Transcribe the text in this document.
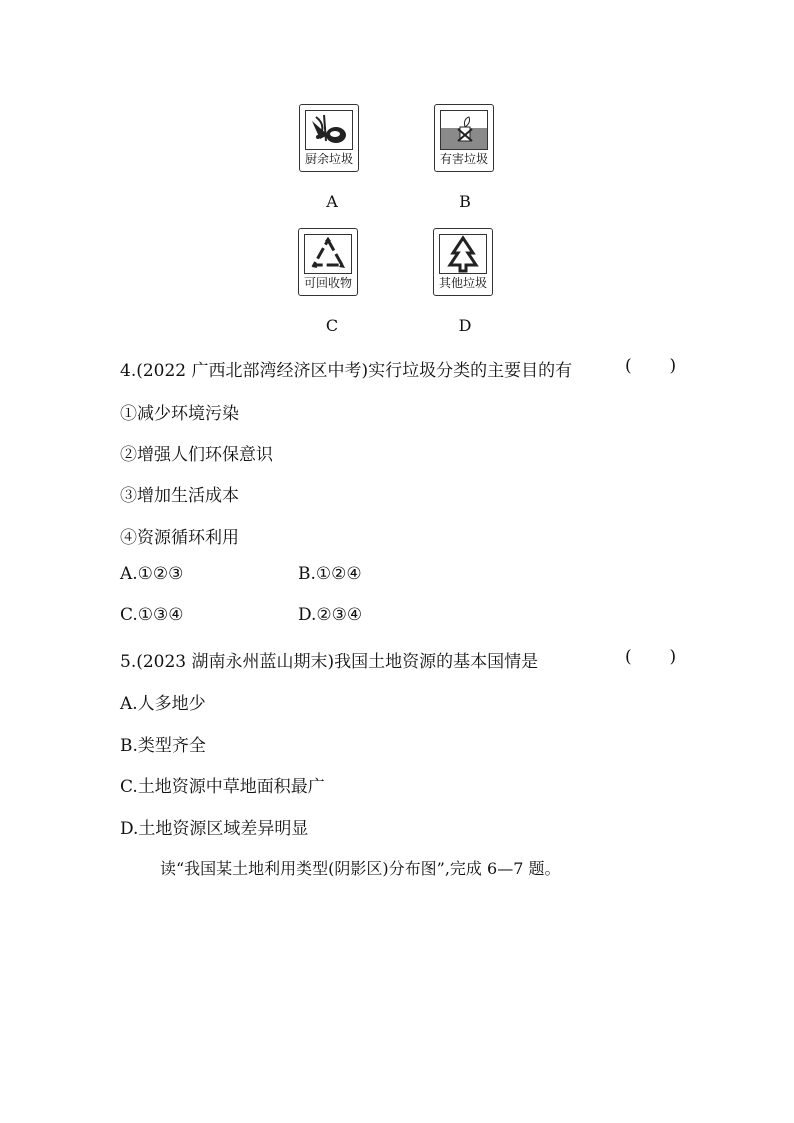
厨余垃圾
A
有害垃圾
B
可回收物
C
其他垃圾
D
4.(2022 广西北部湾经济区中考)实行垃圾分类的主要目的有	(       )
①减少环境污染
②增强人们环保意识
③增加生活成本
④资源循环利用
A.①②③	B.①②④
C.①③④	D.②③④
5.(2023 湖南永州蓝山期末)我国土地资源的基本国情是	(       )
A.人多地少
B.类型齐全
C.土地资源中草地面积最广
D.土地资源区域差异明显
读“我国某土地利用类型(阴影区)分布图”,完成 6—7 题。
